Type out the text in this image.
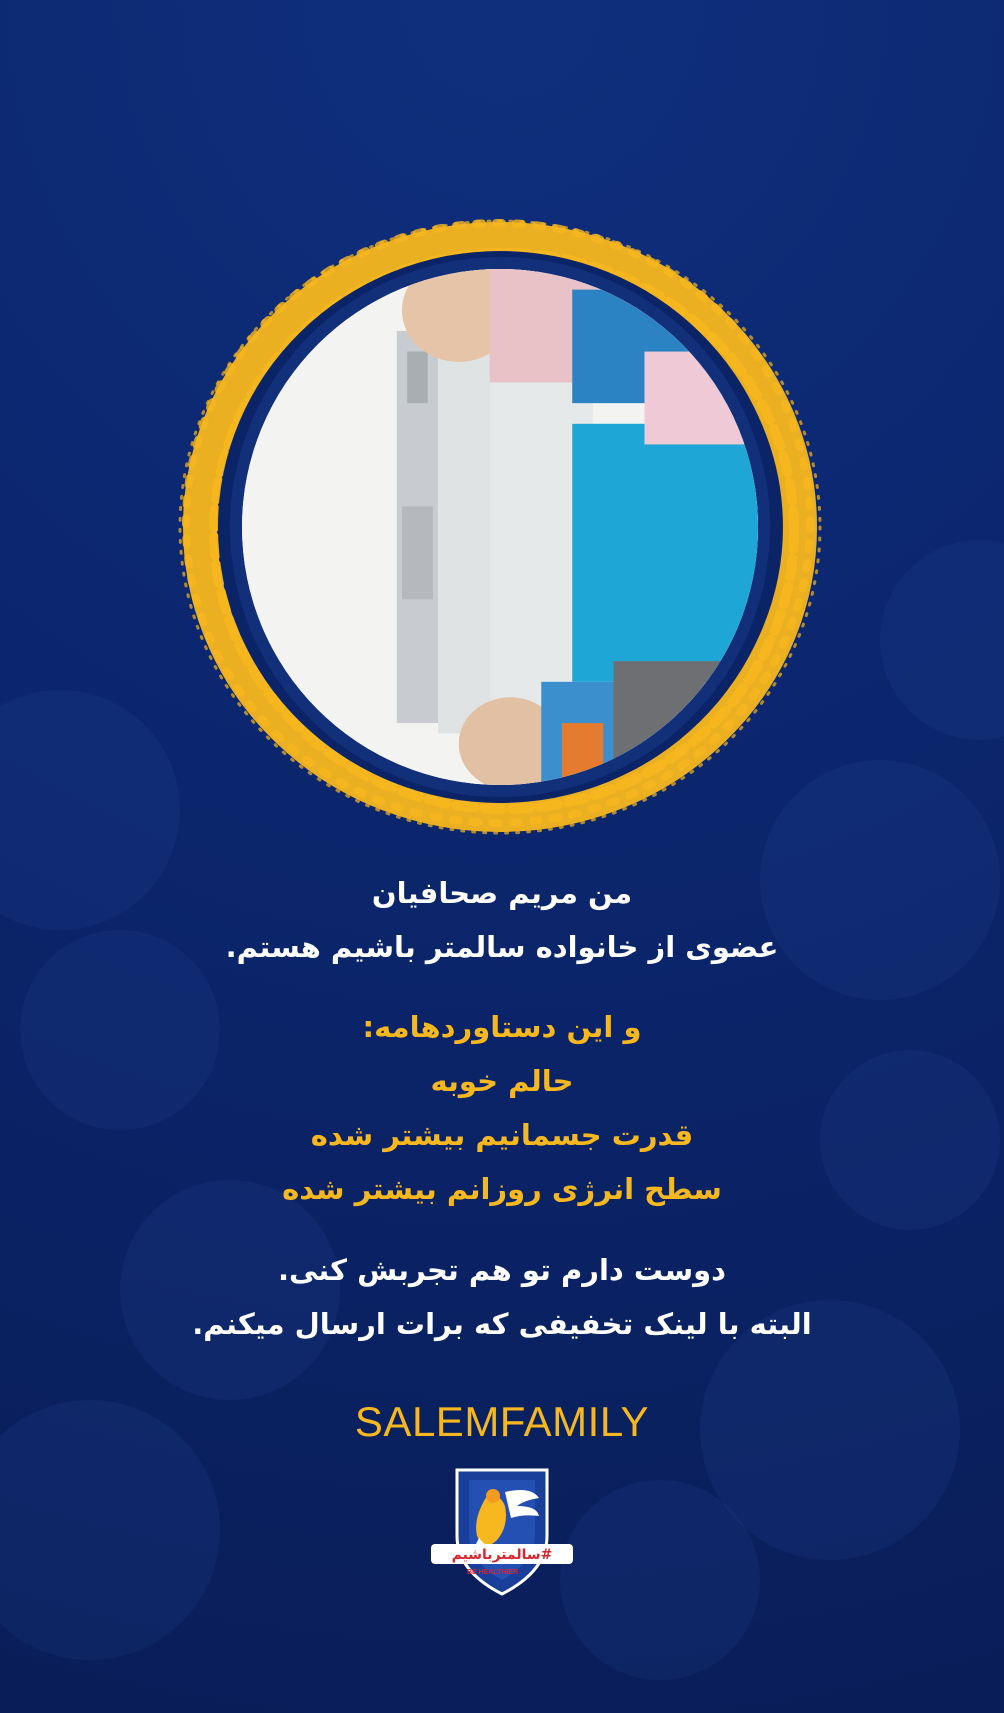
من مریم صحافیان

عضوی از خانواده سالمتر باشیم هستم.

و این دستاوردهامه:

حالم خوبه

قدرت جسمانیم بیشتر شده

سطح انرژی روزانم بیشتر شده

دوست دارم تو هم تجربش کنی.

البته با لینک تخفیفی که برات ارسال میکنم.

SALEMFAMILY
#سالمتر‌باشیم
BE HEALTHIER
